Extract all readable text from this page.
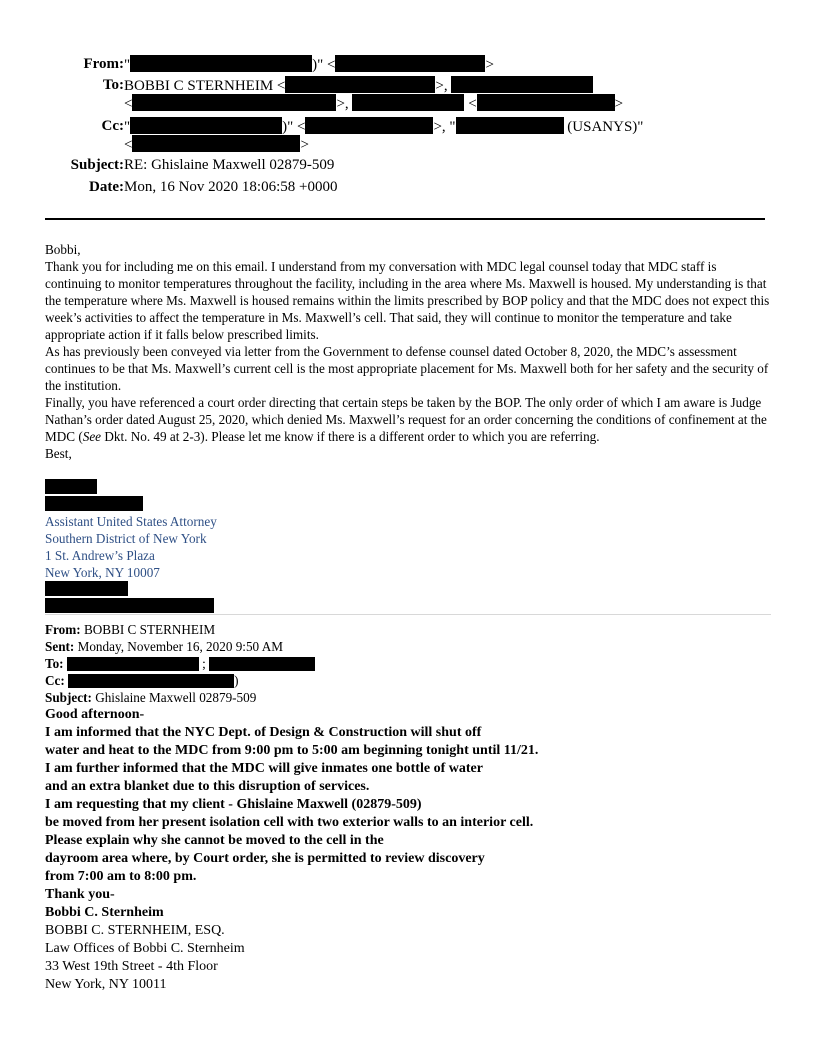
From: "	)" <	>
To: BOBBI C STERNHEIM <	>,
<	>,	<	>
Cc: "	)" <	>, "	(USANYS)"
<	>
Subject: RE: Ghislaine Maxwell 02879-509
Date: Mon, 16 Nov 2020 18:06:58 +0000

Bobbi,

Thank you for including me on this email. I understand from my conversation with MDC legal counsel today that MDC staff is continuing to monitor temperatures throughout the facility, including in the area where Ms. Maxwell is housed. My understanding is that the temperature where Ms. Maxwell is housed remains within the limits prescribed by BOP policy and that the MDC does not expect this week’s activities to affect the temperature in Ms. Maxwell’s cell. That said, they will continue to monitor the temperature and take appropriate action if it falls below prescribed limits.

As has previously been conveyed via letter from the Government to defense counsel dated October 8, 2020, the MDC’s assessment continues to be that Ms. Maxwell’s current cell is the most appropriate placement for Ms. Maxwell both for her safety and the security of the institution.

Finally, you have referenced a court order directing that certain steps be taken by the BOP. The only order of which I am aware is Judge Nathan’s order dated August 25, 2020, which denied Ms. Maxwell’s request for an order concerning the conditions of confinement at the MDC (See Dkt. No. 49 at 2-3). Please let me know if there is a different order to which you are referring.

Best,

Assistant United States Attorney
Southern District of New York
1 St. Andrew’s Plaza
New York, NY 10007
From: BOBBI C STERNHEIM
Sent: Monday, November 16, 2020 9:50 AM
To:	;
Cc:	)
Subject: Ghislaine Maxwell 02879-509
Good afternoon-
I am informed that the NYC Dept. of Design & Construction will shut off
water and heat to the MDC from 9:00 pm to 5:00 am beginning tonight until 11/21.
I am further informed that the MDC will give inmates one bottle of water
and an extra blanket due to this disruption of services.
I am requesting that my client - Ghislaine Maxwell (02879-509)
be moved from her present isolation cell with two exterior walls to an interior cell.
Please explain why she cannot be moved to the cell in the
dayroom area where, by Court order, she is permitted to review discovery
from 7:00 am to 8:00 pm.
Thank you-
Bobbi C. Sternheim
BOBBI C. STERNHEIM, ESQ.
Law Offices of Bobbi C. Sternheim
33 West 19th Street - 4th Floor
New York, NY 10011
